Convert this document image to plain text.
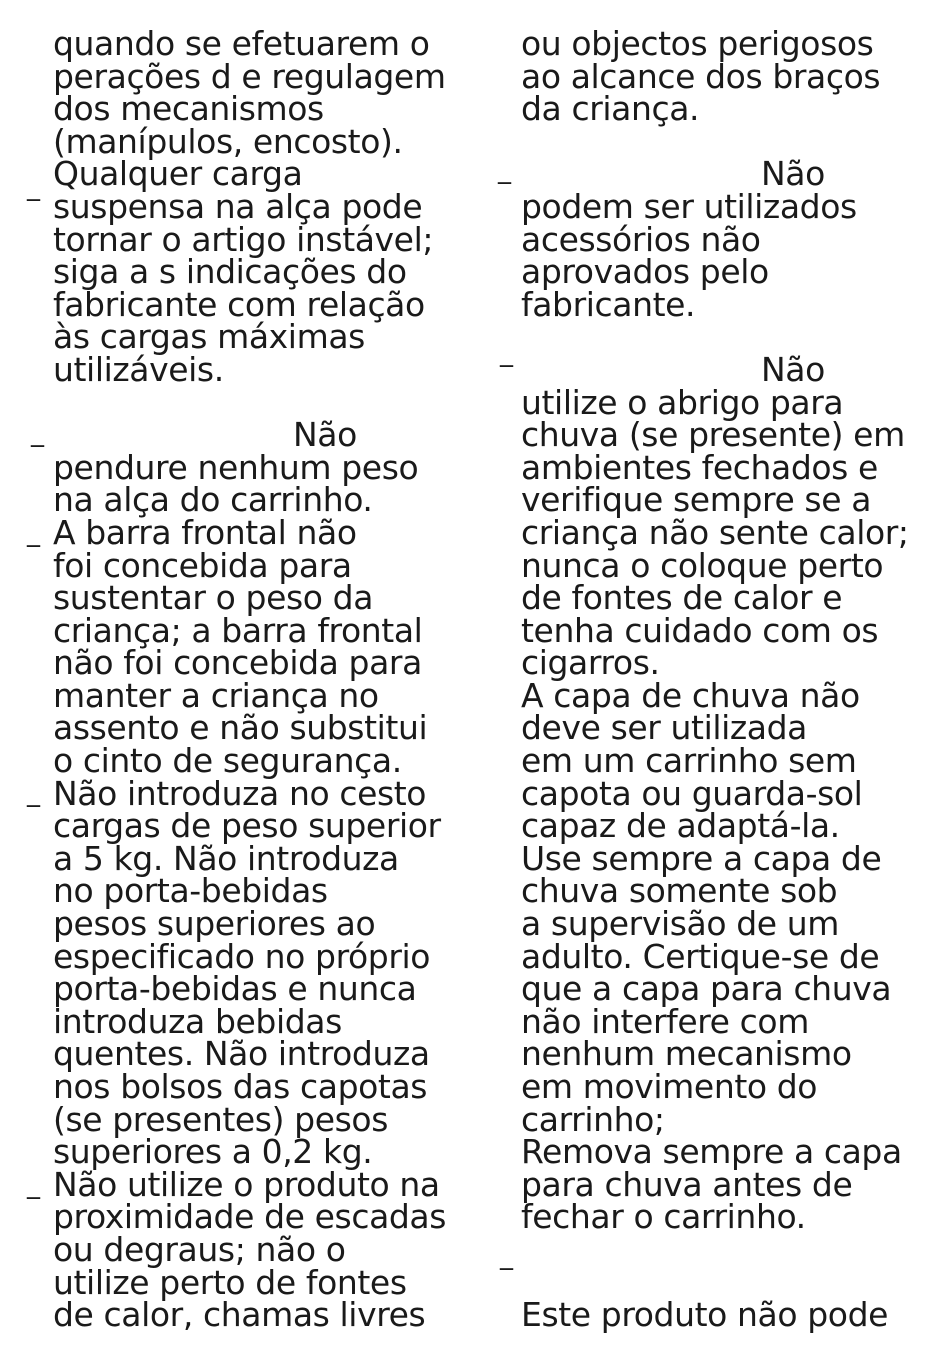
quando se efetuarem o
perações d e regulagem
dos mecanismos
(manípulos, encosto).
Qualquer carga
suspensa na alça pode
tornar o artigo instável;
siga a s indicações do
fabricante com relação
às cargas máximas
utilizáveis.
Não
pendure nenhum peso
na alça do carrinho.
A barra frontal não
foi concebida para
sustentar o peso da
criança; a barra frontal
não foi concebida para
manter a criança no
assento e não substitui
o cinto de segurança.
Não introduza no cesto
cargas de peso superior
a 5 kg. Não introduza
no porta-bebidas
pesos superiores ao
especificado no próprio
porta-bebidas e nunca
introduza bebidas
quentes. Não introduza
nos bolsos das capotas
(se presentes) pesos
superiores a 0,2 kg.
Não utilize o produto na
proximidade de escadas
ou degraus; não o
utilize perto de fontes
de calor, chamas livres
_
_
_
_
_
ou objectos perigosos
ao alcance dos braços
da criança.
Não
podem ser utilizados
acessórios não
aprovados pelo
fabricante.
Não
utilize o abrigo para
chuva (se presente) em
ambientes fechados e
verifique sempre se a
criança não sente calor;
nunca o coloque perto
de fontes de calor e
tenha cuidado com os
cigarros.
A capa de chuva não
deve ser utilizada
em um carrinho sem
capota ou guarda-sol
capaz de adaptá-la.
Use sempre a capa de
chuva somente sob
a supervisão de um
adulto. Certique-se de
que a capa para chuva
não interfere com
nenhum mecanismo
em movimento do
carrinho;
Remova sempre a capa
para chuva antes de
fechar o carrinho.
Este produto não pode
_
_
_
